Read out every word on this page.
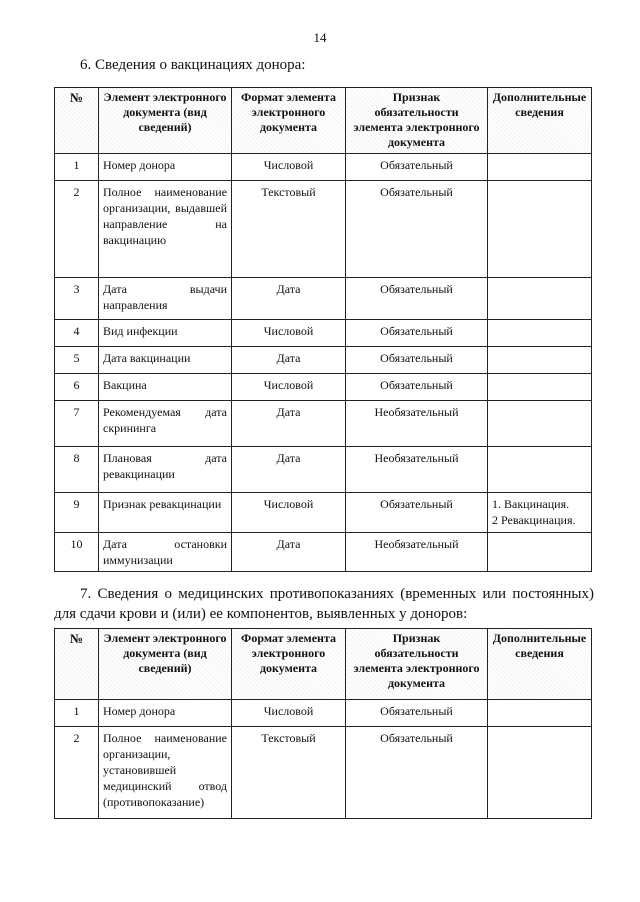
14
6. Сведения о вакцинациях донора:
№	Элемент электронного документа (вид сведений)	Формат элемента электронного документа	Признак обязательности элемента электронного документа	Дополнительные сведения
1	Номер донора	Числовой	Обязательный	
2	Полное наименование организации, выдавшей направление на вакцинацию	Текстовый	Обязательный	
3	Дата выдачи направления	Дата	Обязательный	
4	Вид инфекции	Числовой	Обязательный	
5	Дата вакцинации	Дата	Обязательный	
6	Вакцина	Числовой	Обязательный	
7	Рекомендуемая дата скрининга	Дата	Необязательный	
8	Плановая дата ревакцинации	Дата	Необязательный	
9	Признак ревакцинации	Числовой	Обязательный	1. Вакцинация.
2 Ревакцинация.

10	Дата остановки иммунизации	Дата	Необязательный	
7. Сведения о медицинских противопоказаниях (временных или постоянных) для сдачи крови и (или) ее компонентов, выявленных у доноров:
№	Элемент электронного документа (вид сведений)	Формат элемента электронного документа	Признак обязательности элемента электронного документа	Дополнительные сведения
1	Номер донора	Числовой	Обязательный	
2	Полное наименование организации, установившей медицинский отвод (противопоказание)	Текстовый	Обязательный	
